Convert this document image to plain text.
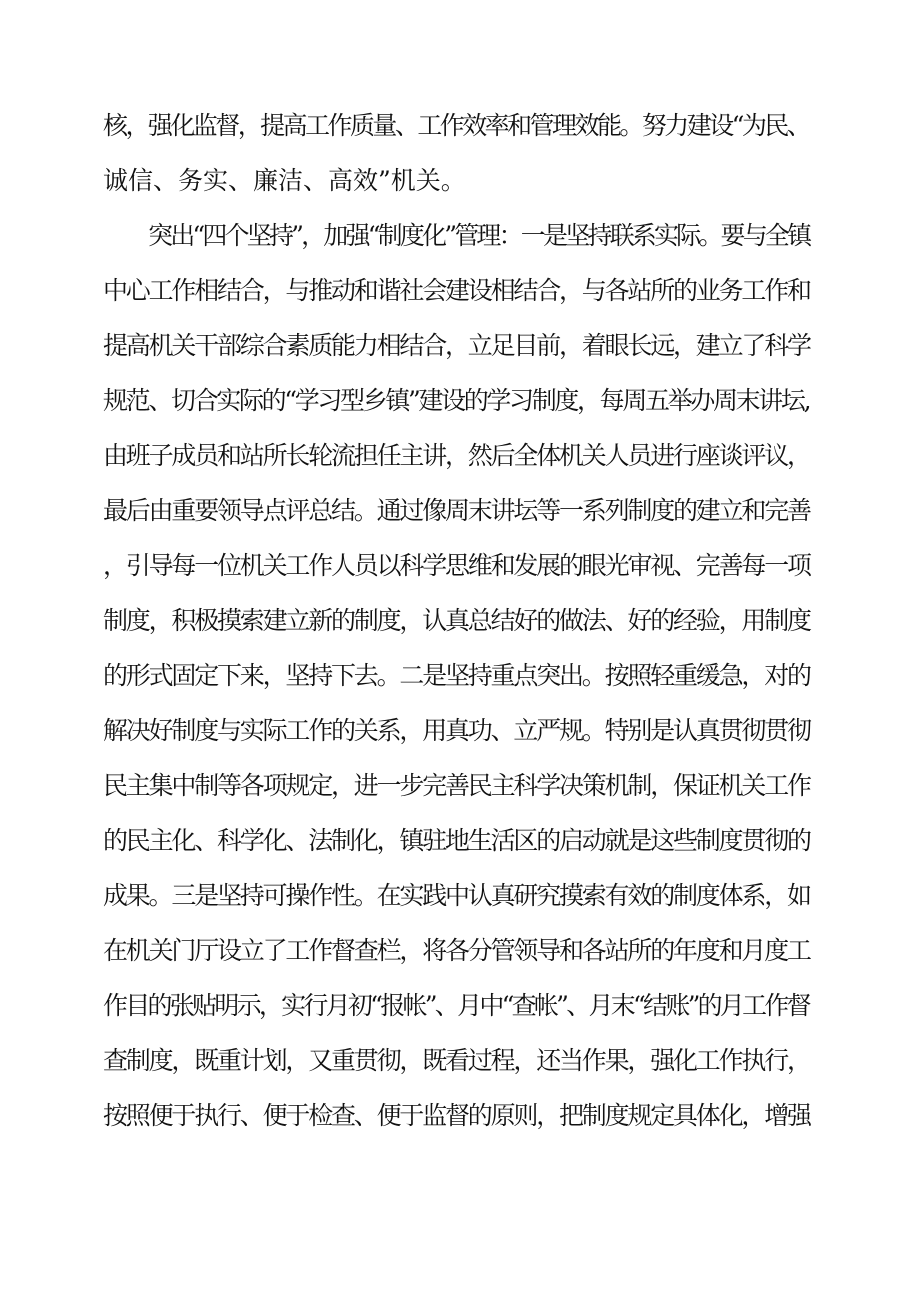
核，强化监督，提高工作质量、工作效率和管理效能。努力建设“为民、
诚信、务实、廉洁、高效”机关。
突出“四个坚持”，加强“制度化”管理：一是坚持联系实际。要与全镇
中心工作相结合，与推动和谐社会建设相结合，与各站所的业务工作和
提高机关干部综合素质能力相结合，立足目前，着眼长远，建立了科学
规范、切合实际的“学习型乡镇”建设的学习制度，每周五举办周末讲坛,
由班子成员和站所长轮流担任主讲，然后全体机关人员进行座谈评议，
最后由重要领导点评总结。通过像周末讲坛等一系列制度的建立和完善
，引导每一位机关工作人员以科学思维和发展的眼光审视、完善每一项
制度，积极摸索建立新的制度，认真总结好的做法、好的经验，用制度
的形式固定下来，坚持下去。二是坚持重点突出。按照轻重缓急，对的
解决好制度与实际工作的关系，用真功、立严规。特别是认真贯彻贯彻
民主集中制等各项规定，进一步完善民主科学决策机制，保证机关工作
的民主化、科学化、法制化，镇驻地生活区的启动就是这些制度贯彻的
成果。三是坚持可操作性。在实践中认真研究摸索有效的制度体系，如
在机关门厅设立了工作督查栏，将各分管领导和各站所的年度和月度工
作目的张贴明示，实行月初“报帐”、月中“查帐”、月末“结账”的月工作督
查制度，既重计划，又重贯彻，既看过程，还当作果，强化工作执行，
按照便于执行、便于检查、便于监督的原则，把制度规定具体化，增强
